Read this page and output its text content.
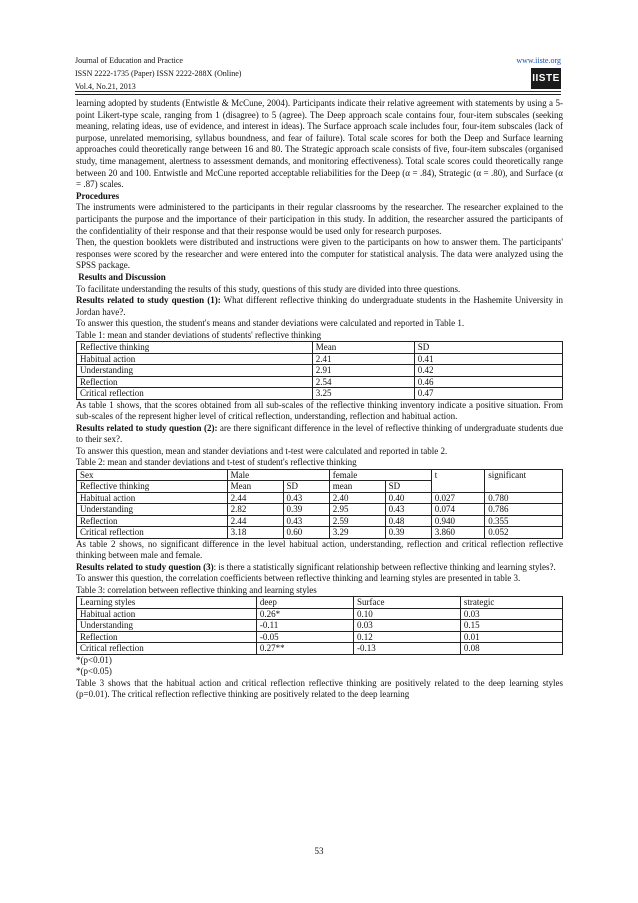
Journal of Education and Practice
ISSN 2222-1735 (Paper) ISSN 2222-288X (Online)
Vol.4, No.21, 2013
www.iiste.org
IISTE

learning adopted by students (Entwistle & McCune, 2004). Participants indicate their relative agreement with statements by using a 5-point Likert-type scale, ranging from 1 (disagree) to 5 (agree). The Deep approach scale contains four, four-item subscales (seeking meaning, relating ideas, use of evidence, and interest in ideas). The Surface approach scale includes four, four-item subscales (lack of purpose, unrelated memorising, syllabus boundness, and fear of failure). Total scale scores for both the Deep and Surface learning approaches could theoretically range between 16 and 80. The Strategic approach scale consists of five, four-item subscales (organised study, time management, alertness to assessment demands, and monitoring effectiveness). Total scale scores could theoretically range between 20 and 100. Entwistle and McCune reported acceptable reliabilities for the Deep (α = .84), Strategic (α = .80), and Surface (α = .87) scales.

Procedures

The instruments were administered to the participants in their regular classrooms by the researcher. The researcher explained to the participants the purpose and the importance of their participation in this study. In addition, the researcher assured the participants of the confidentiality of their response and that their response would be used only for research purposes.

Then, the question booklets were distributed and instructions were given to the participants on how to answer them. The participants' responses were scored by the researcher and were entered into the computer for statistical analysis. The data were analyzed using the SPSS package.

Results and Discussion

To facilitate understanding the results of this study, questions of this study are divided into three questions.

Results related to study question (1): What different reflective thinking do undergraduate students in the Hashemite University in Jordan have?.

To answer this question, the student's means and stander deviations were calculated and reported in Table 1.

Table 1: mean and stander deviations of students' reflective thinking

Reflective thinking	Mean	SD
Habitual action	2.41	0.41
Understanding	2.91	0.42
Reflection	2.54	0.46
Critical reflection	3.25	0.47

As table 1 shows, that the scores obtained from all sub-scales of the reflective thinking inventory indicate a positive situation. From sub-scales of the represent higher level of critical reflection, understanding, reflection and habitual action.

Results related to study question (2): are there significant difference in the level of reflective thinking of undergraduate students due to their sex?.

To answer this question, mean and stander deviations and t-test were calculated and reported in table 2.

Table 2: mean and stander deviations and t-test of student's reflective thinking

Sex	Male		female		t	significant
Reflective thinking	Mean	SD	mean	SD		
Habitual action	2.44	0.43	2.40	0.40	0.027	0.780
Understanding	2.82	0.39	2.95	0.43	0.074	0.786
Reflection	2.44	0.43	2.59	0.48	0.940	0.355
Critical reflection	3.18	0.60	3.29	0.39	3.860	0.052

As table 2 shows, no significant difference in the level habitual action, understanding, reflection and critical reflection reflective thinking between male and female.

Results related to study question (3): is there a statistically significant relationship between reflective thinking and learning styles?.

To answer this question, the correlation coefficients between reflective thinking and learning styles are presented in table 3.

Table 3: correlation between reflective thinking and learning styles

Learning styles	deep	Surface	strategic
Habitual action	0.26*	0.10	0.03
Understanding	-0.11	0.03	0.15
Reflection	-0.05	0.12	0.01
Critical reflection	0.27**	-0.13	0.08

*(p<0.01)

*(p<0.05)

Table 3 shows that the habitual action and critical reflection reflective thinking are positively related to the deep learning styles (p=0.01). The critical reflection reflective thinking are positively related to the deep learning

53
